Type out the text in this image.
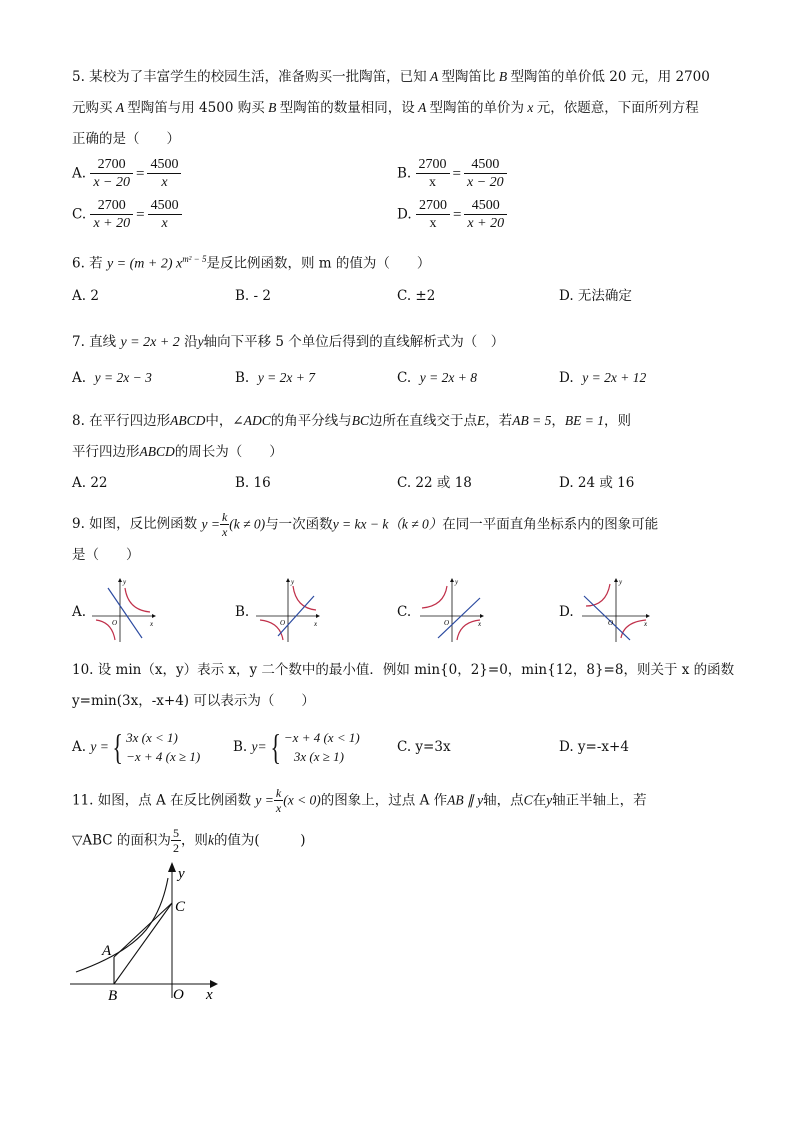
5. 某校为了丰富学生的校园生活，准备购买一批陶笛，已知 A 型陶笛比 B 型陶笛的单价低 20 元，用 2700
元购买 A 型陶笛与用 4500 购买 B 型陶笛的数量相同，设 A 型陶笛的单价为 x 元，依题意，下面所列方程
正确的是（　　）
A. $\frac{2700}{x - 20} = \frac{4500}{x}$	B. $\frac{2700}{x} = \frac{4500}{x - 20}$
C. $\frac{2700}{x + 20} = \frac{4500}{x}$	D. $\frac{2700}{x} = \frac{4500}{x + 20}$
6. 若 y = (m + 2) $x^{m^2 - 5}$是反比例函数，则 m 的值为（　　）
A. 2	B. - 2	C. ±2	D. 无法确定
7. 直线 y = 2x + 2 沿y轴向下平移 5 个单位后得到的直线解析式为（　）
A. y = 2x − 3	B. y = 2x + 7	C. y = 2x + 8	D. y = 2x + 12
8. 在平行四边形ABCD中，∠ADC的角平分线与BC边所在直线交于点E，若AB = 5，BE = 1，则
平行四边形ABCD的周长为（　　）
A. 22	B. 16	C. 22 或 18	D. 24 或 16
9. 如图，反比例函数 $y = \frac{k}{x} (k \ne 0)$与一次函数y = kx − k（k ≠ 0）在同一平面直角坐标系内的图象可能
是（　　）
A.
y
x
O
B.
y
x
O
C.
y
x
O
D.
y
x
O
10. 设 min（x，y）表示 x，y 二个数中的最小值．例如 min{0，2}=0，min{12，8}=8，则关于 x 的函数
y=min(3x，-x+4) 可以表示为（　　）
A. y ={ 3x (x < 1)
−x + 4 (x ≥ 1)
B. y={ −x + 4 (x < 1)
3x (x ≥ 1)
C. y=3x	D. y=-x+4
11. 如图，点 A 在反比例函数 $y = \frac{k}{x} (x < 0)$的图象上，过点 A 作AB ∥ y轴，点C在y轴正半轴上，若
▽ABC 的面积为 $\frac{5}{2}$ ，则k的值为(　　　)
y
x
A
B
C
O
